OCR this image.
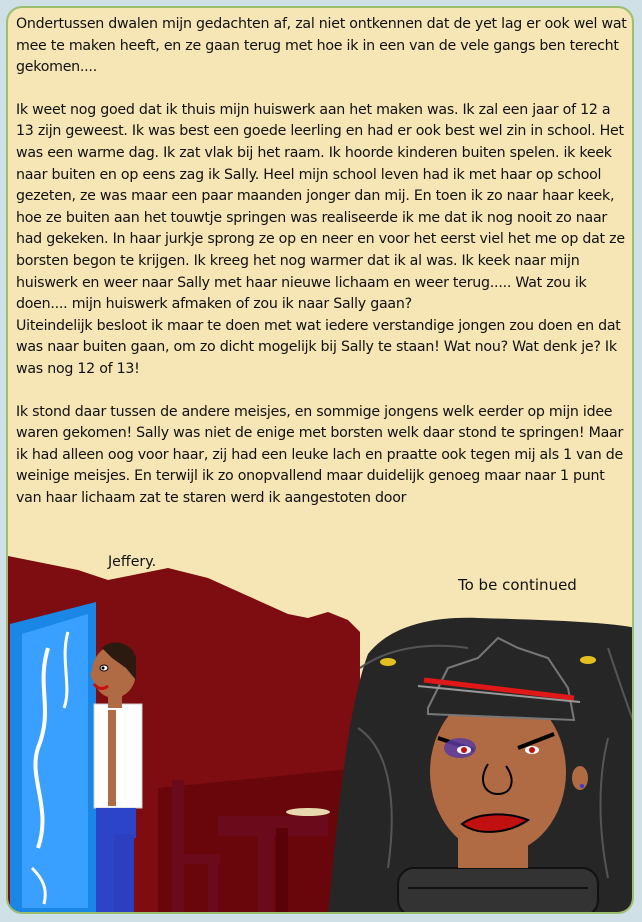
Ondertussen dwalen mijn gedachten af, zal niet ontkennen dat de yet lag er ook wel wat mee te maken heeft, en ze gaan terug met hoe ik in een van de vele gangs ben terecht gekomen....

Ik weet nog goed dat ik thuis mijn huiswerk aan het maken was. Ik zal een jaar of 12 a 13 zijn geweest. Ik was best een goede leerling en had er ook best wel zin in school. Het was een warme dag. Ik zat vlak bij het raam. Ik hoorde kinderen buiten spelen. ik keek naar buiten en op eens zag ik Sally. Heel mijn school leven had ik met haar op school gezeten, ze was maar een paar maanden jonger dan mij. En toen ik zo naar haar keek, hoe ze buiten aan het touwtje springen was realiseerde ik me dat ik nog nooit zo naar had gekeken. In haar jurkje sprong ze op en neer en voor het eerst viel het me op dat ze borsten begon te krijgen. Ik kreeg het nog warmer dat ik al was. Ik keek naar mijn huiswerk en weer naar Sally met haar nieuwe lichaam en weer terug..... Wat zou ik doen.... mijn huiswerk afmaken of zou ik naar Sally gaan?

Uiteindelijk besloot ik maar te doen met wat iedere verstandige jongen zou doen en dat was naar buiten gaan, om zo dicht mogelijk bij Sally te staan! Wat nou? Wat denk je? Ik was nog 12 of 13!

Ik stond daar tussen de andere meisjes, en sommige jongens welk eerder op mijn idee waren gekomen! Sally was niet de enige met borsten welk daar stond te springen! Maar ik had alleen oog voor haar, zij had een leuke lach en praatte ook tegen mij als 1 van de weinige meisjes. En terwijl ik zo onopvallend maar duidelijk genoeg maar naar 1 punt van haar lichaam zat te staren werd ik aangestoten door

Jeffery.
To be continued
